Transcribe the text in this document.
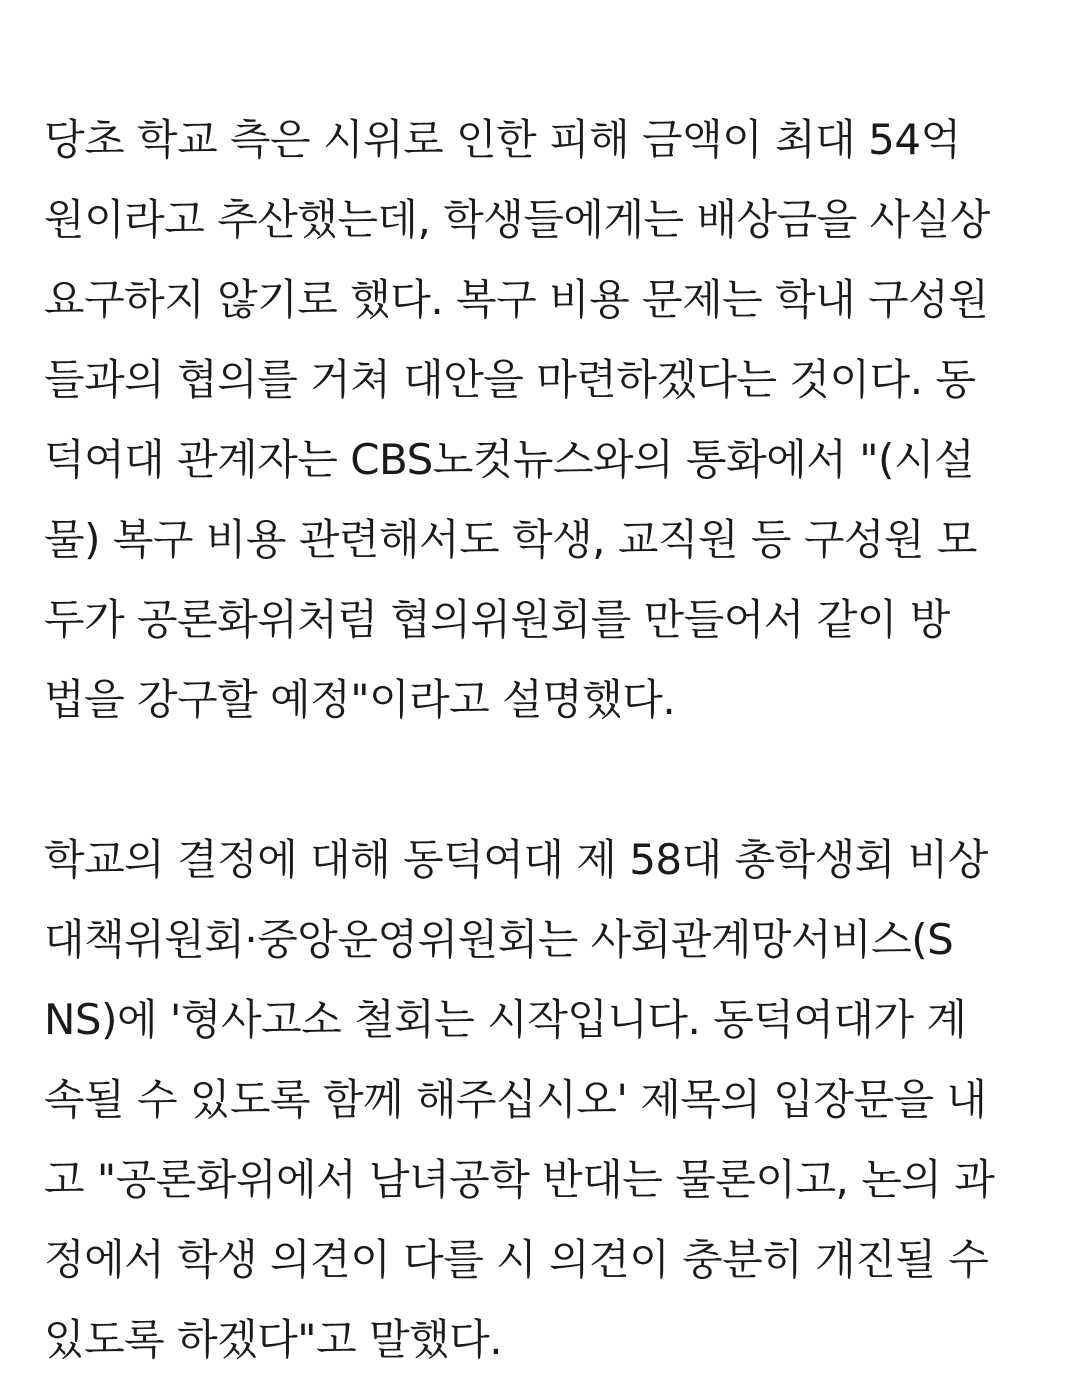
당초 학교 측은 시위로 인한 피해 금액이 최대 54억
원이라고 추산했는데, 학생들에게는 배상금을 사실상
요구하지 않기로 했다. 복구 비용 문제는 학내 구성원
들과의 협의를 거쳐 대안을 마련하겠다는 것이다. 동
덕여대 관계자는 CBS노컷뉴스와의 통화에서 "(시설
물) 복구 비용 관련해서도 학생, 교직원 등 구성원 모
두가 공론화위처럼 협의위원회를 만들어서 같이 방
법을 강구할 예정"이라고 설명했다.

학교의 결정에 대해 동덕여대 제 58대 총학생회 비상
대책위원회·중앙운영위원회는 사회관계망서비스(S
NS)에 '형사고소 철회는 시작입니다. 동덕여대가 계
속될 수 있도록 함께 해주십시오' 제목의 입장문을 내
고 "공론화위에서 남녀공학 반대는 물론이고, 논의 과
정에서 학생 의견이 다를 시 의견이 충분히 개진될 수
있도록 하겠다"고 말했다.
